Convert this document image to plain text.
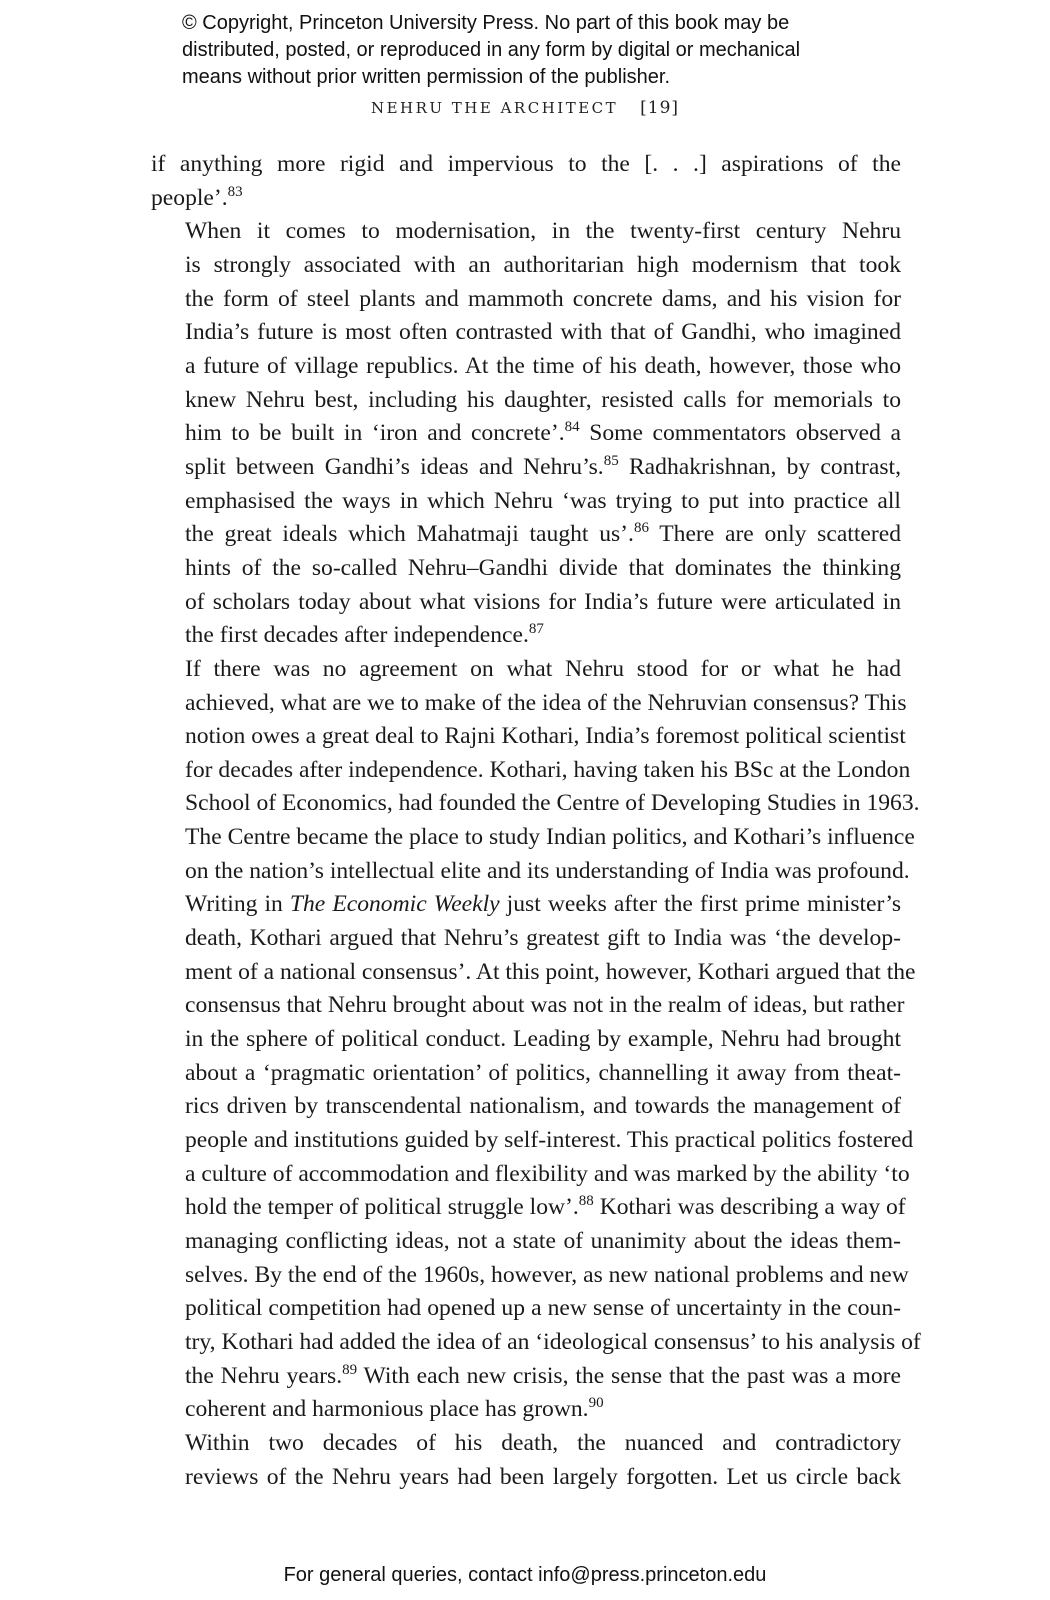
© Copyright, Princeton University Press. No part of this book may be
distributed, posted, or reproduced in any form by digital or mechanical
means without prior written permission of the publisher.
NEHRU THE ARCHITECT [19]

if anything more rigid and impervious to the [. . .] aspirations of the
people’.$^{83}$

When it comes to modernisation, in the twenty-first century Nehru
is strongly associated with an authoritarian high modernism that took
the form of steel plants and mammoth concrete dams, and his vision for
India’s future is most often contrasted with that of Gandhi, who imagined
a future of village republics. At the time of his death, however, those who
knew Nehru best, including his daughter, resisted calls for memorials to
him to be built in ‘iron and concrete’.$^{84}$ Some commentators observed a
split between Gandhi’s ideas and Nehru’s.$^{85}$ Radhakrishnan, by contrast,
emphasised the ways in which Nehru ‘was trying to put into practice all
the great ideals which Mahatmaji taught us’.$^{86}$ There are only scattered
hints of the so-called Nehru–Gandhi divide that dominates the thinking
of scholars today about what visions for India’s future were articulated in
the first decades after independence.$^{87}$

If there was no agreement on what Nehru stood for or what he had
achieved, what are we to make of the idea of the Nehruvian consensus? This
notion owes a great deal to Rajni Kothari, India’s foremost political scientist
for decades after independence. Kothari, having taken his BSc at the London
School of Economics, had founded the Centre of Developing Studies in 1963.
The Centre became the place to study Indian politics, and Kothari’s influence
on the nation’s intellectual elite and its understanding of India was profound.
Writing in The Economic Weekly just weeks after the first prime minister’s
death, Kothari argued that Nehru’s greatest gift to India was ‘the develop-
ment of a national consensus’. At this point, however, Kothari argued that the
consensus that Nehru brought about was not in the realm of ideas, but rather
in the sphere of political conduct. Leading by example, Nehru had brought
about a ‘pragmatic orientation’ of politics, channelling it away from theat-
rics driven by transcendental nationalism, and towards the management of
people and institutions guided by self-interest. This practical politics fostered
a culture of accommodation and flexibility and was marked by the ability ‘to
hold the temper of political struggle low’.$^{88}$ Kothari was describing a way of
managing conflicting ideas, not a state of unanimity about the ideas them-
selves. By the end of the 1960s, however, as new national problems and new
political competition had opened up a new sense of uncertainty in the coun-
try, Kothari had added the idea of an ‘ideological consensus’ to his analysis of
the Nehru years.$^{89}$ With each new crisis, the sense that the past was a more
coherent and harmonious place has grown.$^{90}$

Within two decades of his death, the nuanced and contradictory
reviews of the Nehru years had been largely forgotten. Let us circle back

For general queries, contact info@press.princeton.edu
